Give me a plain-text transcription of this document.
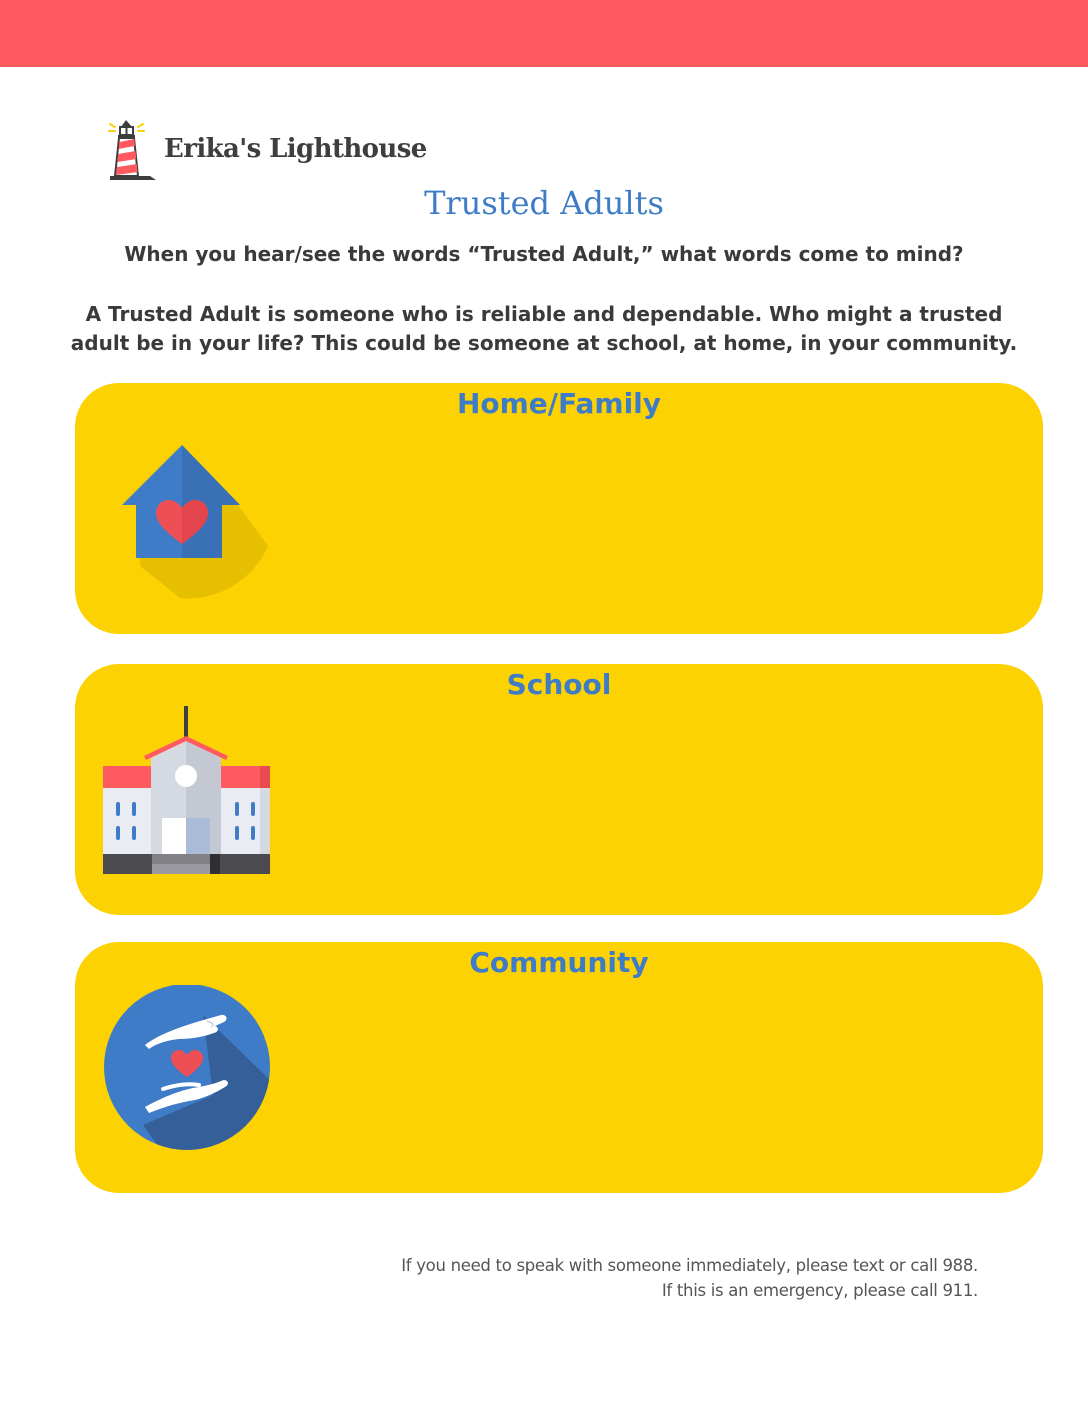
Erika's Lighthouse
Trusted Adults
When you hear/see the words “Trusted Adult,” what words come to mind?
A Trusted Adult is someone who is reliable and dependable. Who might a trusted adult be in your life? This could be someone at school, at home, in your community.
Home/Family
School
Community
If you need to speak with someone immediately, please text or call 988.
If this is an emergency, please call 911.
